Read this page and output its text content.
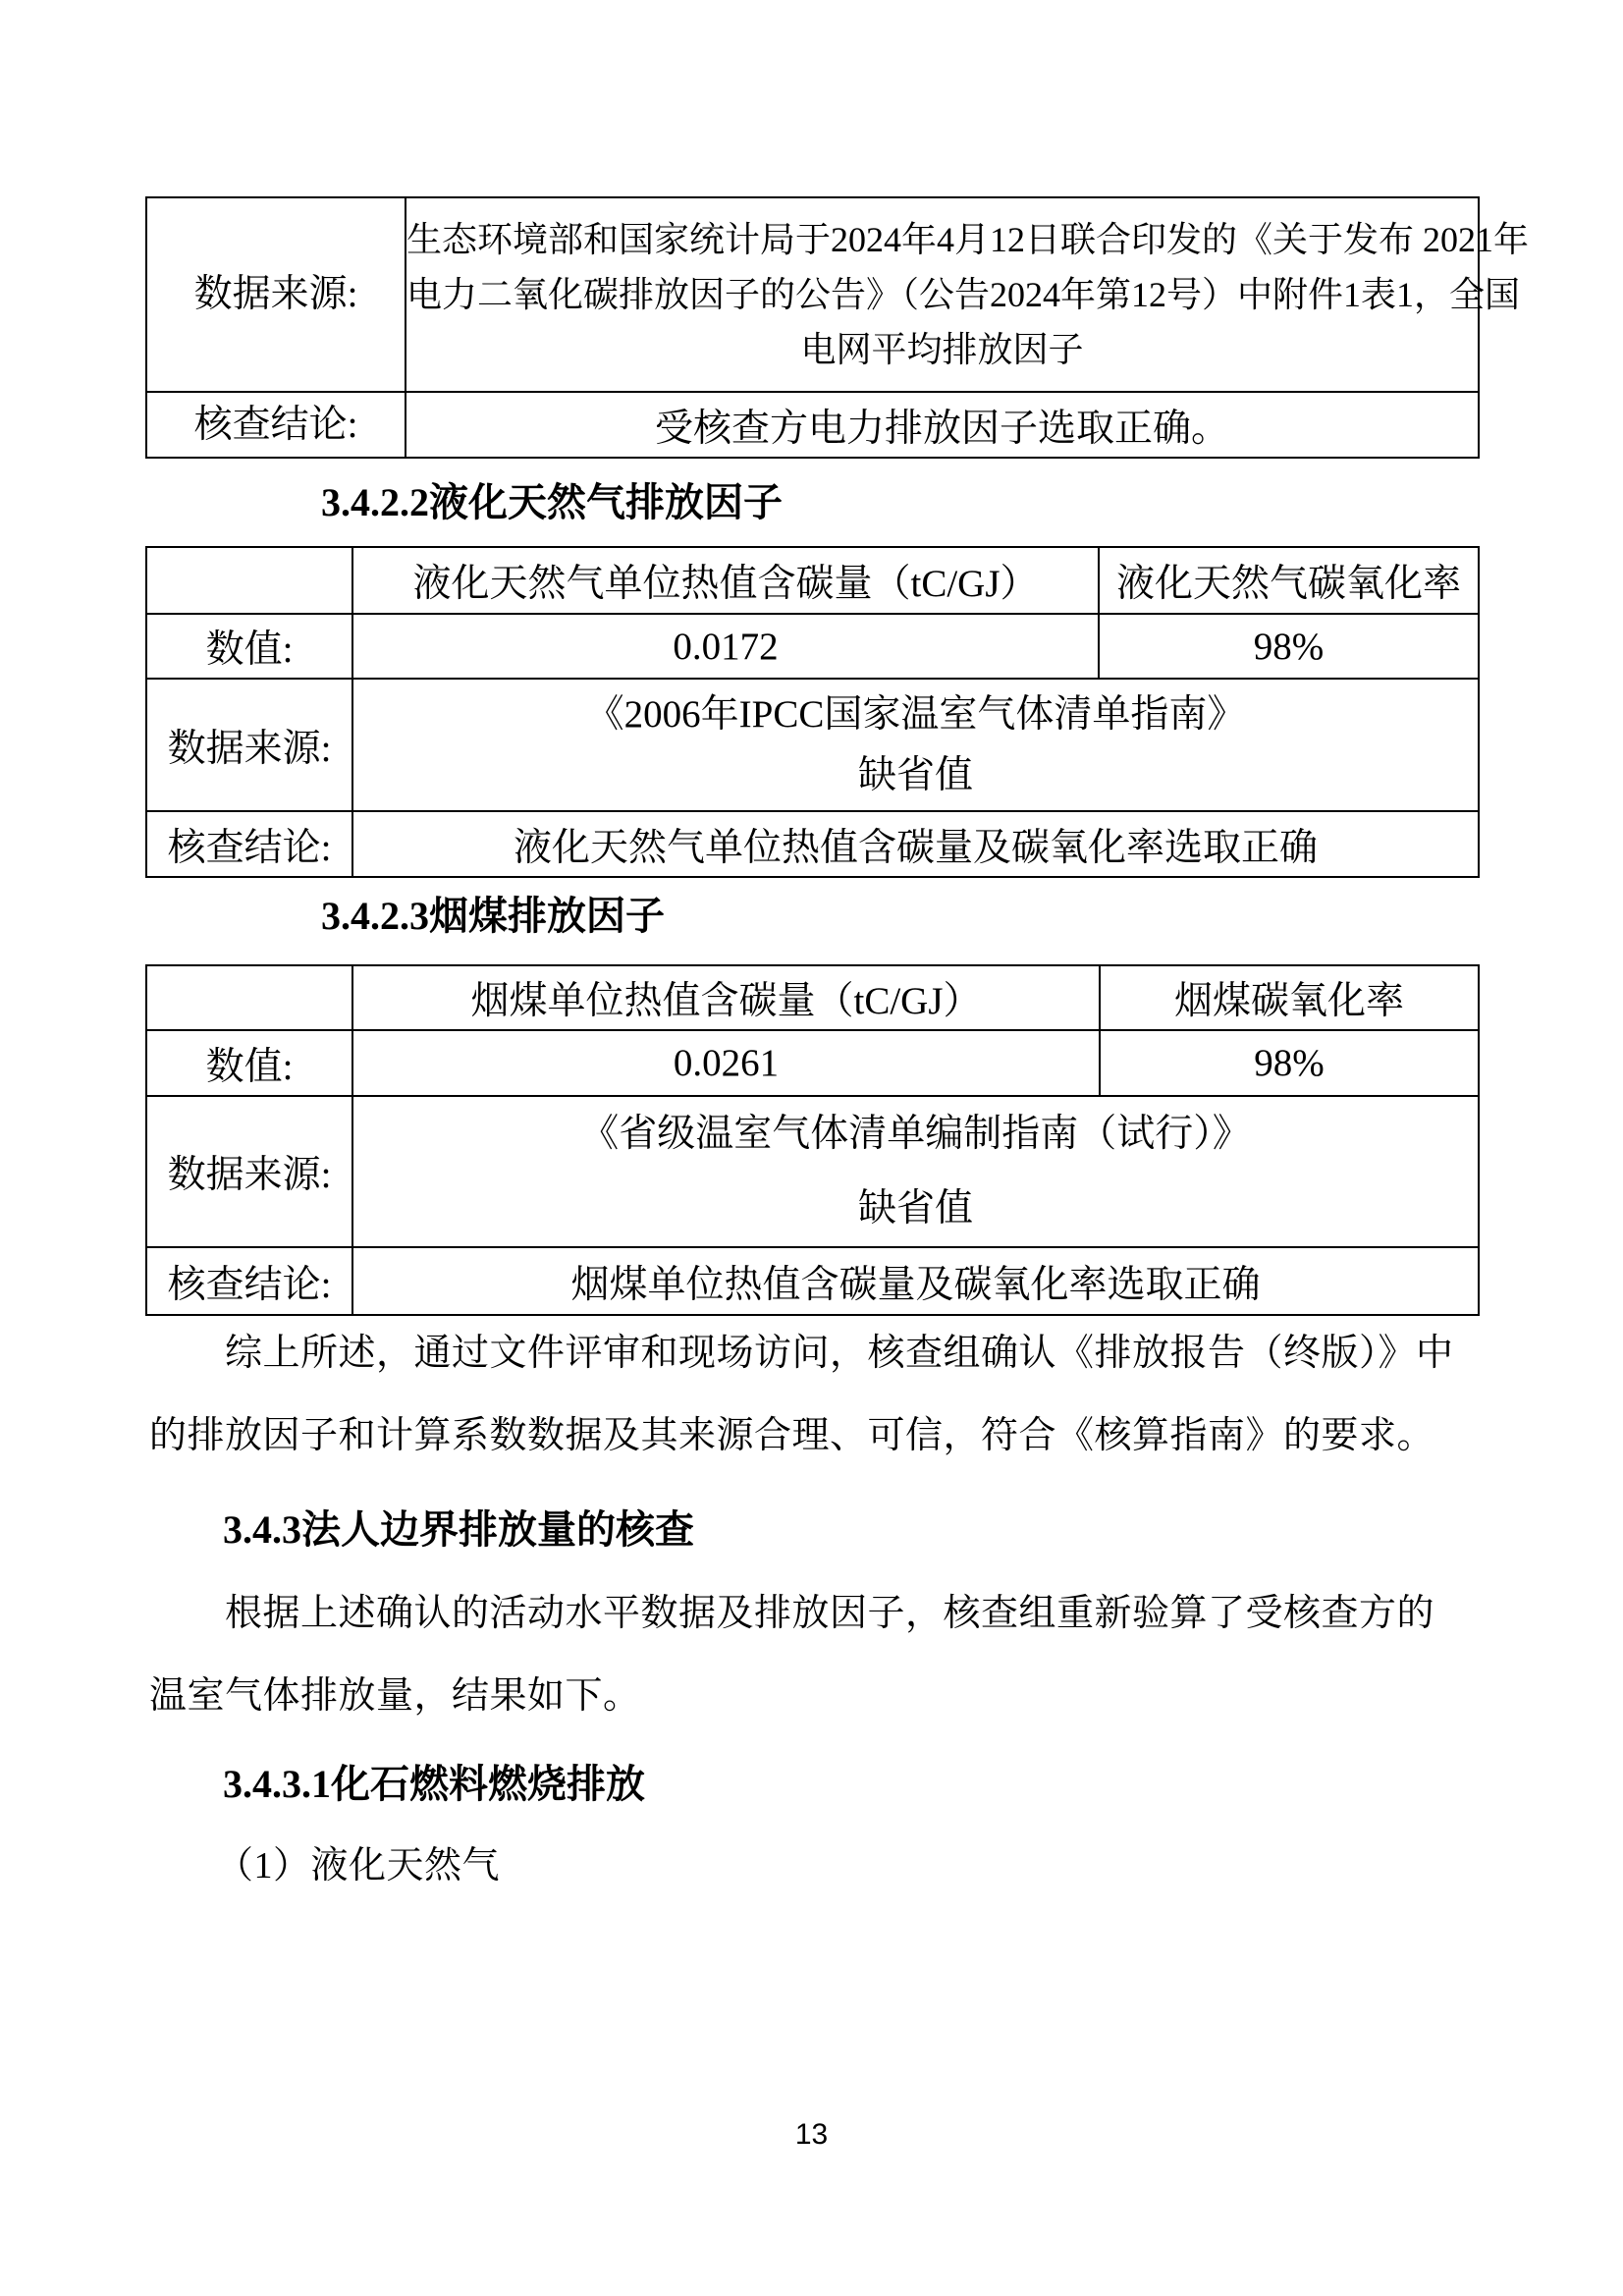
数据来源:	生态环境部和国家统计局于2024年4月12日联合印发的《关于发布 2021年
电力二氧化碳排放因子的公告》（公告2024年第12号）中附件1表1，全国
电网平均排放因子

核查结论:	受核查方电力排放因子选取正确。
3.4.2.2液化天然气排放因子
	液化天然气单位热值含碳量（tC/GJ）	液化天然气碳氧化率
数值:	0.0172	98%
数据来源:	《2006年IPCC国家温室气体清单指南》
缺省值	

核查结论:	液化天然气单位热值含碳量及碳氧化率选取正确	
3.4.2.3烟煤排放因子
	烟煤单位热值含碳量（tC/GJ）	烟煤碳氧化率
数值:	0.0261	98%
数据来源:	《省级温室气体清单编制指南（试行）》
缺省值	

核查结论:	烟煤单位热值含碳量及碳氧化率选取正确	
综上所述，通过文件评审和现场访问，核查组确认《排放报告（终版）》中
的排放因子和计算系数数据及其来源合理、可信，符合《核算指南》的要求。
3.4.3法人边界排放量的核查
根据上述确认的活动水平数据及排放因子，核查组重新验算了受核查方的
温室气体排放量，结果如下。
3.4.3.1化石燃料燃烧排放
（1）液化天然气
13
